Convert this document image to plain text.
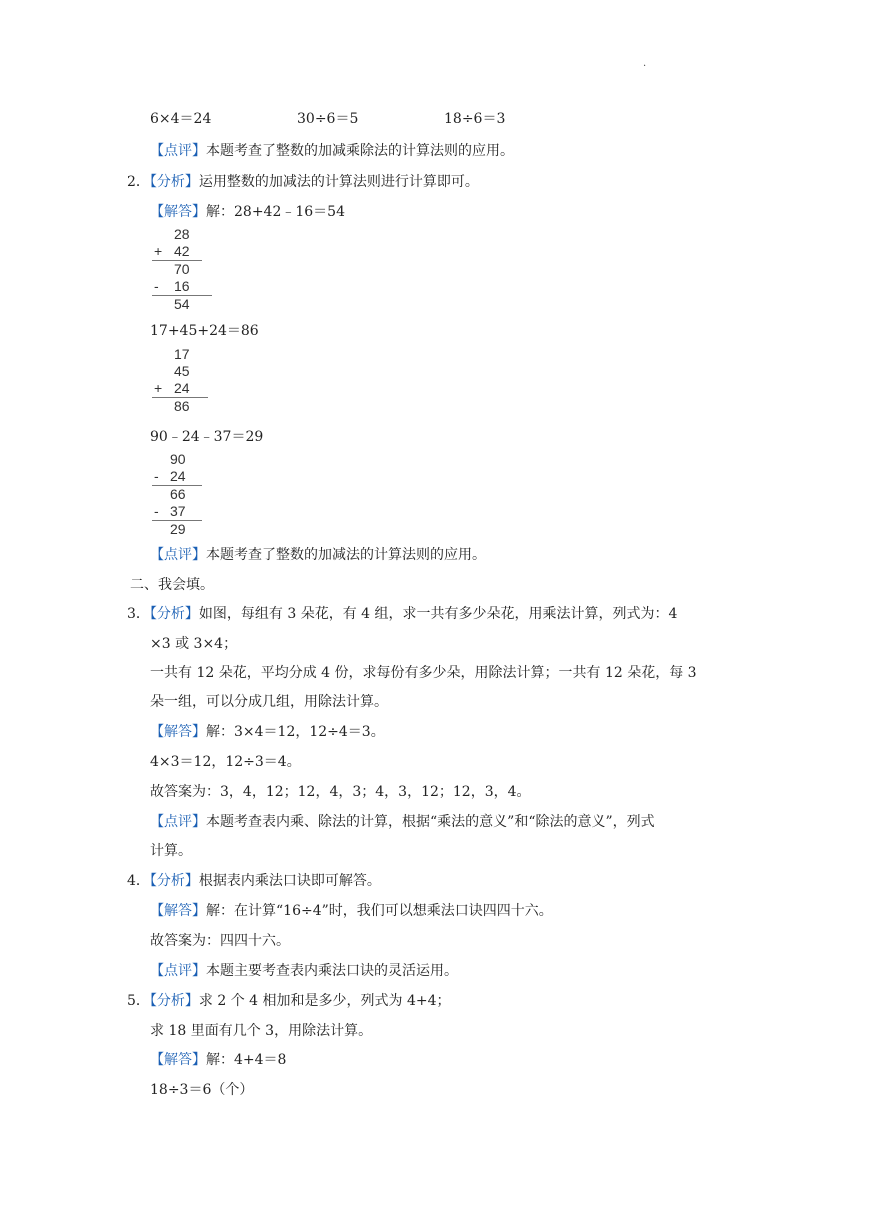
.
6×4＝24	30÷6＝5	18÷6＝3
【点评】本题考查了整数的加减乘除法的计算法则的应用。
2．【分析】运用整数的加减法的计算法则进行计算即可。
【解答】解：28+42﹣16＝54
28
+ 42
70
- 16
54
17+45+24＝86
17
45
+ 24
86
90﹣24﹣37＝29
90
- 24
66
- 37
29
【点评】本题考查了整数的加减法的计算法则的应用。
二、我会填。
3．【分析】如图，每组有 3 朵花，有 4 组，求一共有多少朵花，用乘法计算，列式为：4
×3 或 3×4；
一共有 12 朵花，平均分成 4 份，求每份有多少朵，用除法计算；一共有 12 朵花，每 3
朵一组，可以分成几组，用除法计算。
【解答】解：3×4＝12，12÷4＝3。
4×3＝12，12÷3＝4。
故答案为：3，4，12；12，4，3；4，3，12；12，3，4。
【点评】本题考查表内乘、除法的计算，根据“乘法的意义”和“除法的意义”，列式
计算。
4．【分析】根据表内乘法口诀即可解答。
【解答】解：在计算“16÷4”时，我们可以想乘法口诀四四十六。
故答案为：四四十六。
【点评】本题主要考查表内乘法口诀的灵活运用。
5．【分析】求 2 个 4 相加和是多少，列式为 4+4；
求 18 里面有几个 3，用除法计算。
【解答】解：4+4＝8
18÷3＝6（个）
